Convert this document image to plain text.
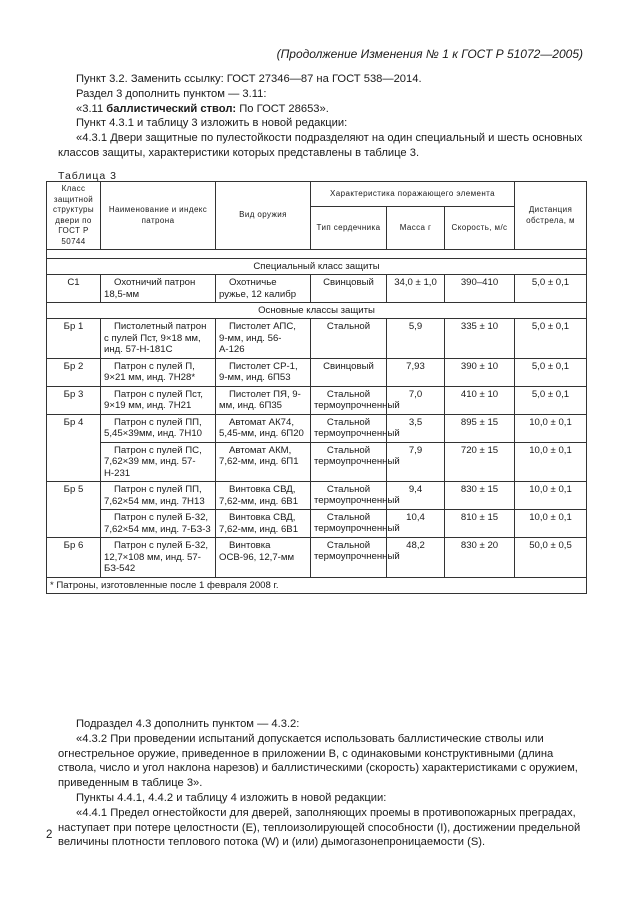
(Продолжение Изменения № 1 к ГОСТ Р 51072—2005)

Пункт 3.2. Заменить ссылку: ГОСТ 27346—87 на ГОСТ 538—2014.

Раздел 3 дополнить пунктом — 3.11:

«3.11 баллистический ствол: По ГОСТ 28653».

Пункт 4.3.1 и таблицу 3 изложить в новой редакции:

«4.3.1 Двери защитные по пулестойкости подразделяют на один специальный и шесть основных классов защиты, характеристики которых представлены в таблице 3.

Таблица 3
Класс защитной структуры двери по ГОСТ Р 50744	Наименование и индекс патрона	Вид оружия	Характеристика поражающего элемента			Дистанция обстрела, м
			Тип сердечника	Масса г	Скорость, м/с	

Специальный класс защиты						
С1	Охотничий патрон 18,5-мм	Охотничье ружье, 12 калибр	Свинцовый	34,0 ± 1,0	390–410	5,0 ± 0,1
Основные классы защиты						
Бр 1	Пистолетный патрон с пулей Пст, 9×18 мм, инд. 57-Н-181С	Пистолет АПС, 9-мм, инд. 56-А-126	Стальной	5,9	335 ± 10	5,0 ± 0,1
Бр 2	Патрон с пулей П, 9×21 мм, инд. 7Н28*	Пистолет СР-1, 9-мм, инд. 6П53	Свинцовый	7,93	390 ± 10	5,0 ± 0,1
Бр 3	Патрон с пулей Пст, 9×19 мм, инд. 7Н21	Пистолет ПЯ, 9-мм, инд. 6П35	Стальной термоупрочненный	7,0	410 ± 10	5,0 ± 0,1
Бр 4	Патрон с пулей ПП, 5,45×39мм, инд. 7Н10	Автомат АК74, 5,45-мм, инд. 6П20	Стальной термоупрочненный	3,5	895 ± 15	10,0 ± 0,1
	Патрон с пулей ПС, 7,62×39 мм, инд. 57-Н-231	Автомат АКМ, 7,62-мм, инд. 6П1	Стальной термоупрочненный	7,9	720 ± 15	10,0 ± 0,1
Бр 5	Патрон с пулей ПП, 7,62×54 мм, инд. 7Н13	Винтовка СВД, 7,62-мм, инд. 6В1	Стальной термоупрочненный	9,4	830 ± 15	10,0 ± 0,1
	Патрон с пулей Б-32, 7,62×54 мм, инд. 7-БЗ-3	Винтовка СВД, 7,62-мм, инд. 6В1	Стальной термоупрочненный	10,4	810 ± 15	10,0 ± 0,1
Бр 6	Патрон с пулей Б-32, 12,7×108 мм, инд. 57-БЗ-542	Винтовка ОСВ-96, 12,7-мм	Стальной термоупрочненный	48,2	830 ± 20	50,0 ± 0,5
* Патроны, изготовленные после 1 февраля 2008 г.						

Подраздел 4.3 дополнить пунктом — 4.3.2:

«4.3.2 При проведении испытаний допускается использовать баллистические стволы или огнестрельное оружие, приведенное в приложении В, с одинаковыми конструктивными (длина ствола, число и угол наклона нарезов) и баллистическими (скорость) характеристиками с оружием, приведенным в таблице 3».

Пункты 4.4.1, 4.4.2 и таблицу 4 изложить в новой редакции:

«4.4.1 Предел огнестойкости для дверей, заполняющих проемы в противопожарных преградах, наступает при потере целостности (Е), теплоизолирующей способности (I), достижении предельной величины плотности теплового потока (W) и (или) дымогазонепроницаемости (S).

2
